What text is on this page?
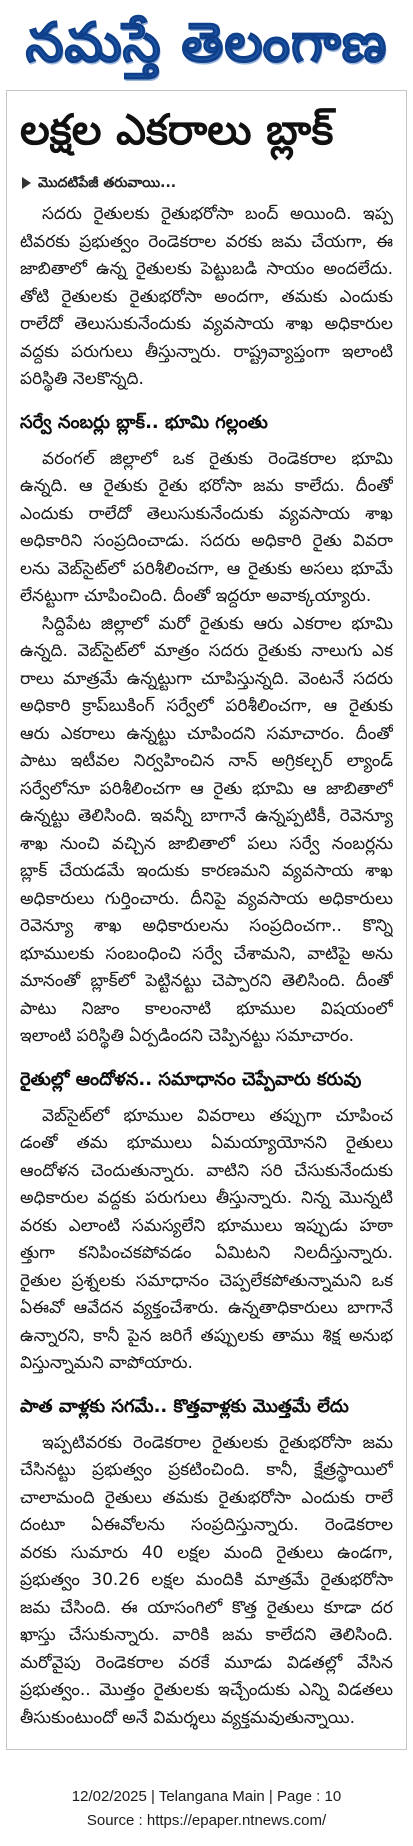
నమస్తే తెలంగాణ
లక్షల ఎకరాలు బ్లాక్
మొదటిపేజీ తరువాయి...
సదరు రైతులకు రైతుభరోసా బంద్ అయింది. ఇప్ప
టివరకు ప్రభుత్వం రెండెకరాల వరకు జమ చేయగా, ఈ
జాబితాలో ఉన్న రైతులకు పెట్టుబడి సాయం అందలేదు.
తోటి రైతులకు రైతుభరోసా అందగా, తమకు ఎందుకు
రాలేదో తెలుసుకునేందుకు వ్యవసాయ శాఖ అధికారుల
వద్దకు పరుగులు తీస్తున్నారు. రాష్ట్రవ్యాప్తంగా ఇలాంటి
పరిస్థితి నెలకొన్నది.
సర్వే నంబర్లు బ్లాక్.. భూమి గల్లంతు
వరంగల్ జిల్లాలో ఒక రైతుకు రెండెకరాల భూమి
ఉన్నది. ఆ రైతుకు రైతు భరోసా జమ కాలేదు. దీంతో
ఎందుకు రాలేదో తెలుసుకునేందుకు వ్యవసాయ శాఖ
అధికారిని సంప్రదించాడు. సదరు అధికారి రైతు వివరా
లను వెబ్‌సైట్‌లో పరిశీలించగా, ఆ రైతుకు అసలు భూమే
లేనట్టుగా చూపించింది. దీంతో ఇద్దరూ అవాక్కయ్యారు.
సిద్దిపేట జిల్లాలో మరో రైతుకు ఆరు ఎకరాల భూమి
ఉన్నది. వెబ్‌సైట్‌లో మాత్రం సదరు రైతుకు నాలుగు ఎక
రాలు మాత్రమే ఉన్నట్టుగా చూపిస్తున్నది. వెంటనే సదరు
అధికారి క్రాప్‌బుకింగ్ సర్వేలో పరిశీలించగా, ఆ రైతుకు
ఆరు ఎకరాలు ఉన్నట్టు చూపిందని సమాచారం. దీంతో
పాటు ఇటీవల నిర్వహించిన నాన్ అగ్రికల్చర్ ల్యాండ్
సర్వేలోనూ పరిశీలించగా ఆ రైతు భూమి ఆ జాబితాలో
ఉన్నట్టు తెలిసింది. ఇవన్నీ బాగానే ఉన్నప్పటికీ, రెవెన్యూ
శాఖ నుంచి వచ్చిన జాబితాలో పలు సర్వే నంబర్లను
బ్లాక్ చేయడమే ఇందుకు కారణమని వ్యవసాయ శాఖ
అధికారులు గుర్తించారు. దీనిపై వ్యవసాయ అధికారులు
రెవెన్యూ శాఖ అధికారులను సంప్రదించగా.. కొన్ని
భూములకు సంబంధించి సర్వే చేశామని, వాటిపై అను
మానంతో బ్లాక్‌లో పెట్టినట్టు చెప్పారని తెలిసింది. దీంతో
పాటు నిజాం కాలంనాటి భూముల విషయంలో
ఇలాంటి పరిస్థితి ఏర్పడిందని చెప్పినట్టు సమాచారం.
రైతుల్లో ఆందోళన.. సమాధానం చెప్పేవారు కరువు
వెబ్‌సైట్‌లో భూముల వివరాలు తప్పుగా చూపించ
డంతో తమ భూములు ఏమయ్యాయోనని రైతులు
ఆందోళన చెందుతున్నారు. వాటిని సరి చేసుకునేందుకు
అధికారుల వద్దకు పరుగులు తీస్తున్నారు. నిన్న మొన్నటి
వరకు ఎలాంటి సమస్యలేని భూములు ఇప్పుడు హఠా
త్తుగా కనిపించకపోవడం ఏమిటని నిలదీస్తున్నారు.
రైతుల ప్రశ్నలకు సమాధానం చెప్పలేకపోతున్నామని ఒక
ఏఈవో ఆవేదన వ్యక్తంచేశారు. ఉన్నతాధికారులు బాగానే
ఉన్నారని, కానీ పైన జరిగే తప్పులకు తాము శిక్ష అనుభ
విస్తున్నామని వాపోయారు.
పాత వాళ్లకు సగమే.. కొత్తవాళ్లకు మొత్తమే లేదు
ఇప్పటివరకు రెండెకరాల రైతులకు రైతుభరోసా జమ
చేసినట్టు ప్రభుత్వం ప్రకటించింది. కానీ, క్షేత్రస్థాయిలో
చాలామంది రైతులు తమకు రైతుభరోసా ఎందుకు రాలే
దంటూ ఏఈవోలను సంప్రదిస్తున్నారు. రెండెకరాల
వరకు సుమారు 40 లక్షల మంది రైతులు ఉండగా,
ప్రభుత్వం 30.26 లక్షల మందికి మాత్రమే రైతుభరోసా
జమ చేసింది. ఈ యాసంగిలో కొత్త రైతులు కూడా దర
ఖాస్తు చేసుకున్నారు. వారికి జమ కాలేదని తెలిసింది.
మరోవైపు రెండెకరాల వరకే మూడు విడతల్లో వేసిన
ప్రభుత్వం.. మొత్తం రైతులకు ఇచ్చేందుకు ఎన్ని విడతలు
తీసుకుంటుందో అనే విమర్శలు వ్యక్తమవుతున్నాయి.
12/02/2025 | Telangana Main | Page : 10
Source : https://epaper.ntnews.com/
